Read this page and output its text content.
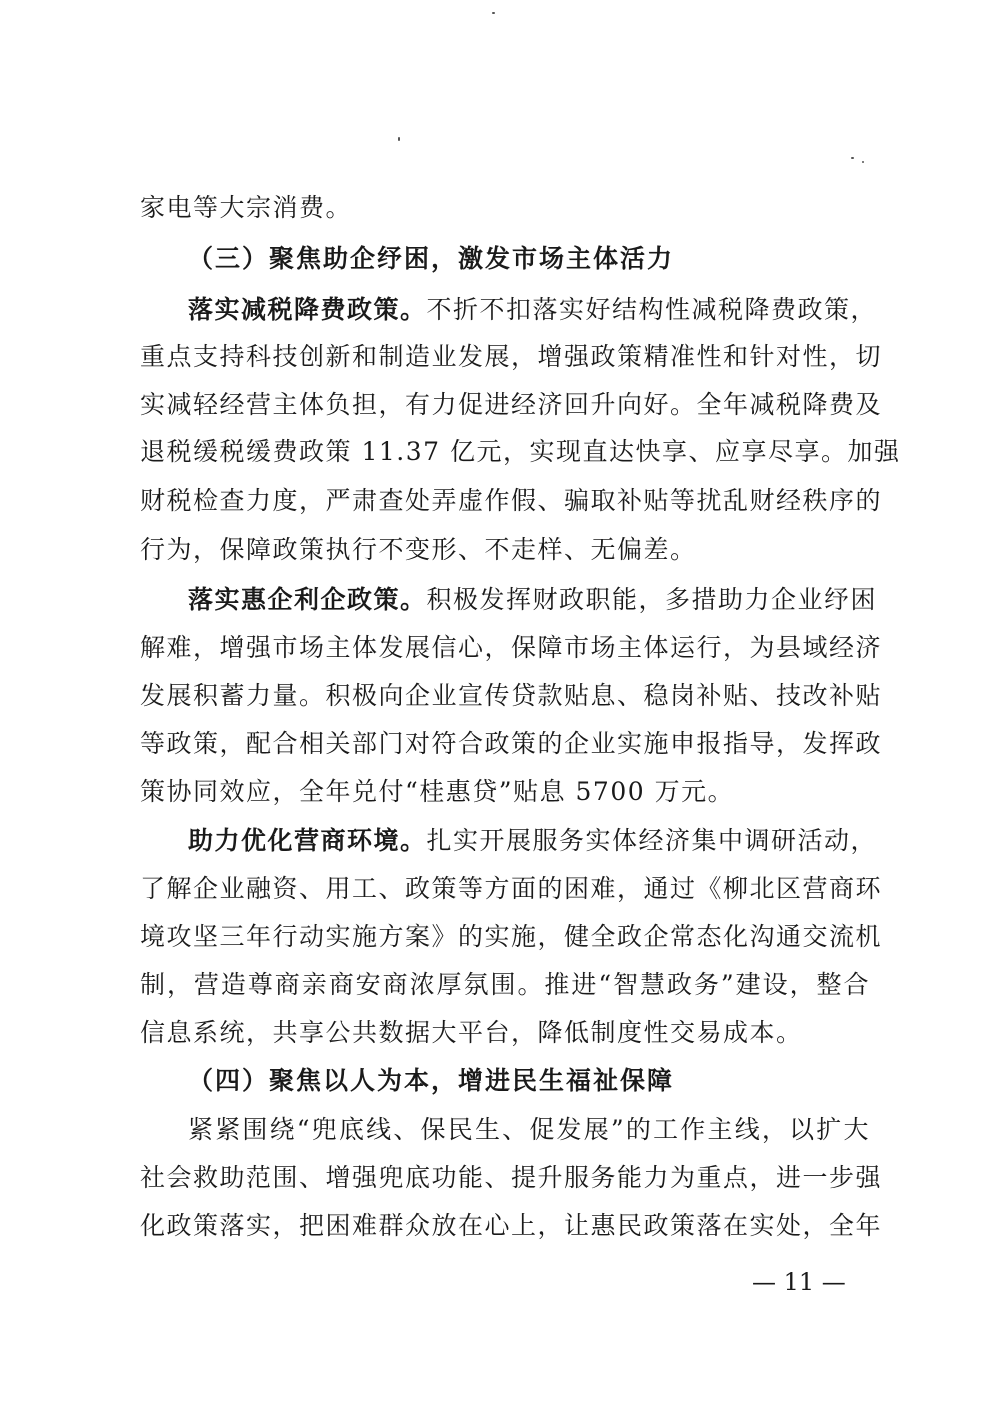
家电等大宗消费。
（三）聚焦助企纾困，激发市场主体活力
落实减税降费政策。不折不扣落实好结构性减税降费政策，
重点支持科技创新和制造业发展，增强政策精准性和针对性，切
实减轻经营主体负担，有力促进经济回升向好。全年减税降费及
退税缓税缓费政策 11.37 亿元，实现直达快享、应享尽享。加强
财税检查力度，严肃查处弄虚作假、骗取补贴等扰乱财经秩序的
行为，保障政策执行不变形、不走样、无偏差。
落实惠企利企政策。积极发挥财政职能，多措助力企业纾困
解难，增强市场主体发展信心，保障市场主体运行，为县域经济
发展积蓄力量。积极向企业宣传贷款贴息、稳岗补贴、技改补贴
等政策，配合相关部门对符合政策的企业实施申报指导，发挥政
策协同效应，全年兑付“桂惠贷”贴息 5700 万元。
助力优化营商环境。扎实开展服务实体经济集中调研活动，
了解企业融资、用工、政策等方面的困难，通过《柳北区营商环
境攻坚三年行动实施方案》的实施，健全政企常态化沟通交流机
制，营造尊商亲商安商浓厚氛围。推进“智慧政务”建设，整合
信息系统，共享公共数据大平台，降低制度性交易成本。
（四）聚焦以人为本，增进民生福祉保障
紧紧围绕“兜底线、保民生、促发展”的工作主线，以扩大
社会救助范围、增强兜底功能、提升服务能力为重点，进一步强
化政策落实，把困难群众放在心上，让惠民政策落在实处，全年
— 11 —
